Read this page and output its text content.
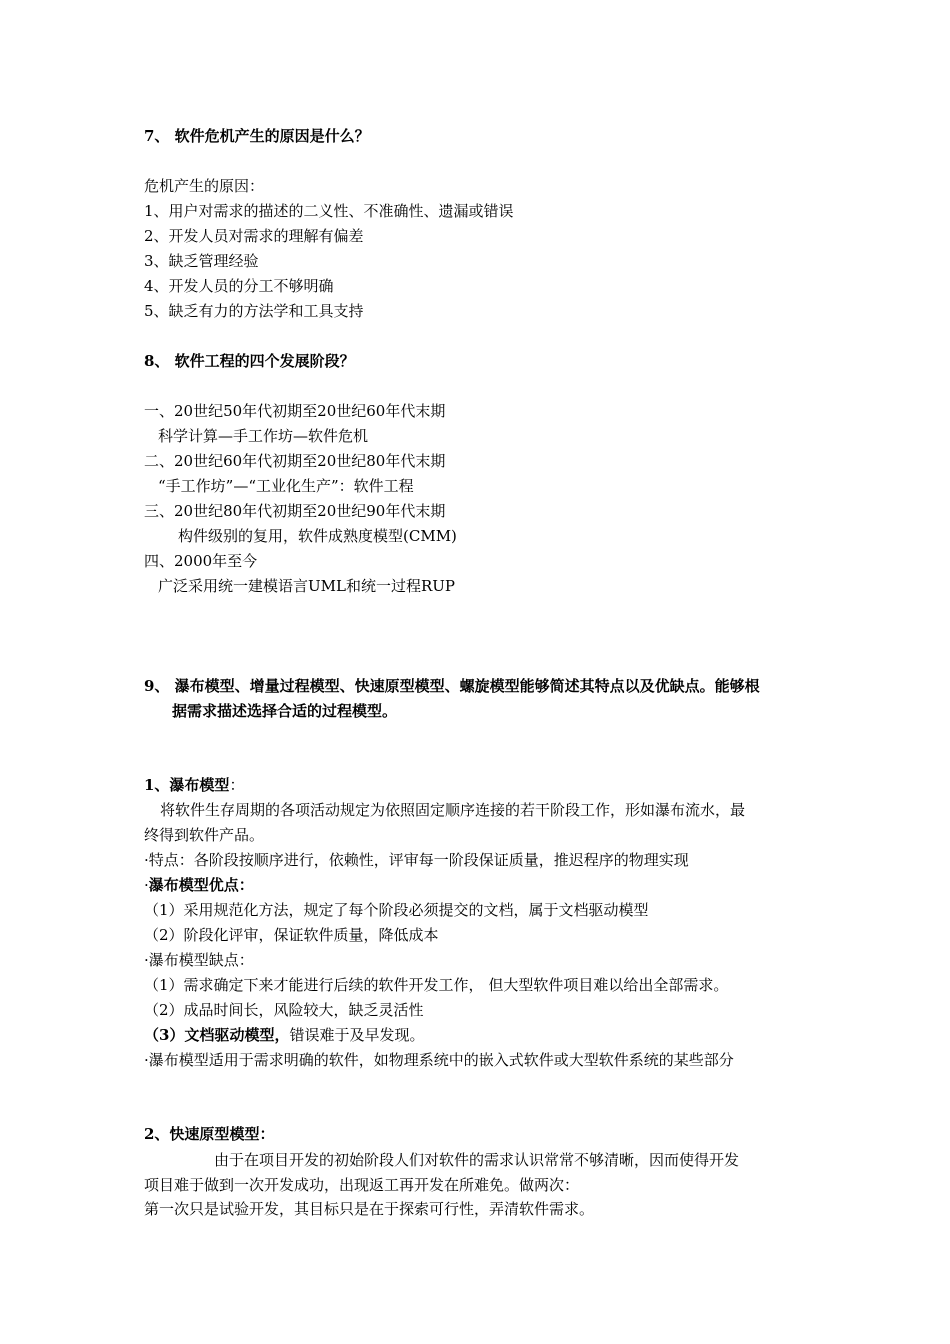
7、 软件危机产生的原因是什么？
危机产生的原因：
1、用户对需求的描述的二义性、不准确性、遗漏或错误
2、开发人员对需求的理解有偏差
3、缺乏管理经验
4、开发人员的分工不够明确
5、缺乏有力的方法学和工具支持
8、 软件工程的四个发展阶段？
一、20世纪50年代初期至20世纪60年代末期
科学计算—手工作坊—软件危机
二、20世纪60年代初期至20世纪80年代末期
“手工作坊”—“工业化生产”：软件工程
三、20世纪80年代初期至20世纪90年代末期
构件级别的复用，软件成熟度模型(CMM)
四、2000年至今
广泛采用统一建模语言UML和统一过程RUP
9、 瀑布模型、增量过程模型、快速原型模型、螺旋模型能够简述其特点以及优缺点。能够根
据需求描述选择合适的过程模型。
1、瀑布模型：
将软件生存周期的各项活动规定为依照固定顺序连接的若干阶段工作，形如瀑布流水，最
终得到软件产品。
·特点：各阶段按顺序进行，依赖性，评审每一阶段保证质量，推迟程序的物理实现
·瀑布模型优点：
（1）采用规范化方法，规定了每个阶段必须提交的文档，属于文档驱动模型
（2）阶段化评审，保证软件质量，降低成本
·瀑布模型缺点：
（1）需求确定下来才能进行后续的软件开发工作， 但大型软件项目难以给出全部需求。
（2）成品时间长，风险较大，缺乏灵活性
（3）文档驱动模型，错误难于及早发现。
·瀑布模型适用于需求明确的软件，如物理系统中的嵌入式软件或大型软件系统的某些部分
2、快速原型模型：
由于在项目开发的初始阶段人们对软件的需求认识常常不够清晰，因而使得开发
项目难于做到一次开发成功，出现返工再开发在所难免。做两次：
第一次只是试验开发，其目标只是在于探索可行性，弄清软件需求。
